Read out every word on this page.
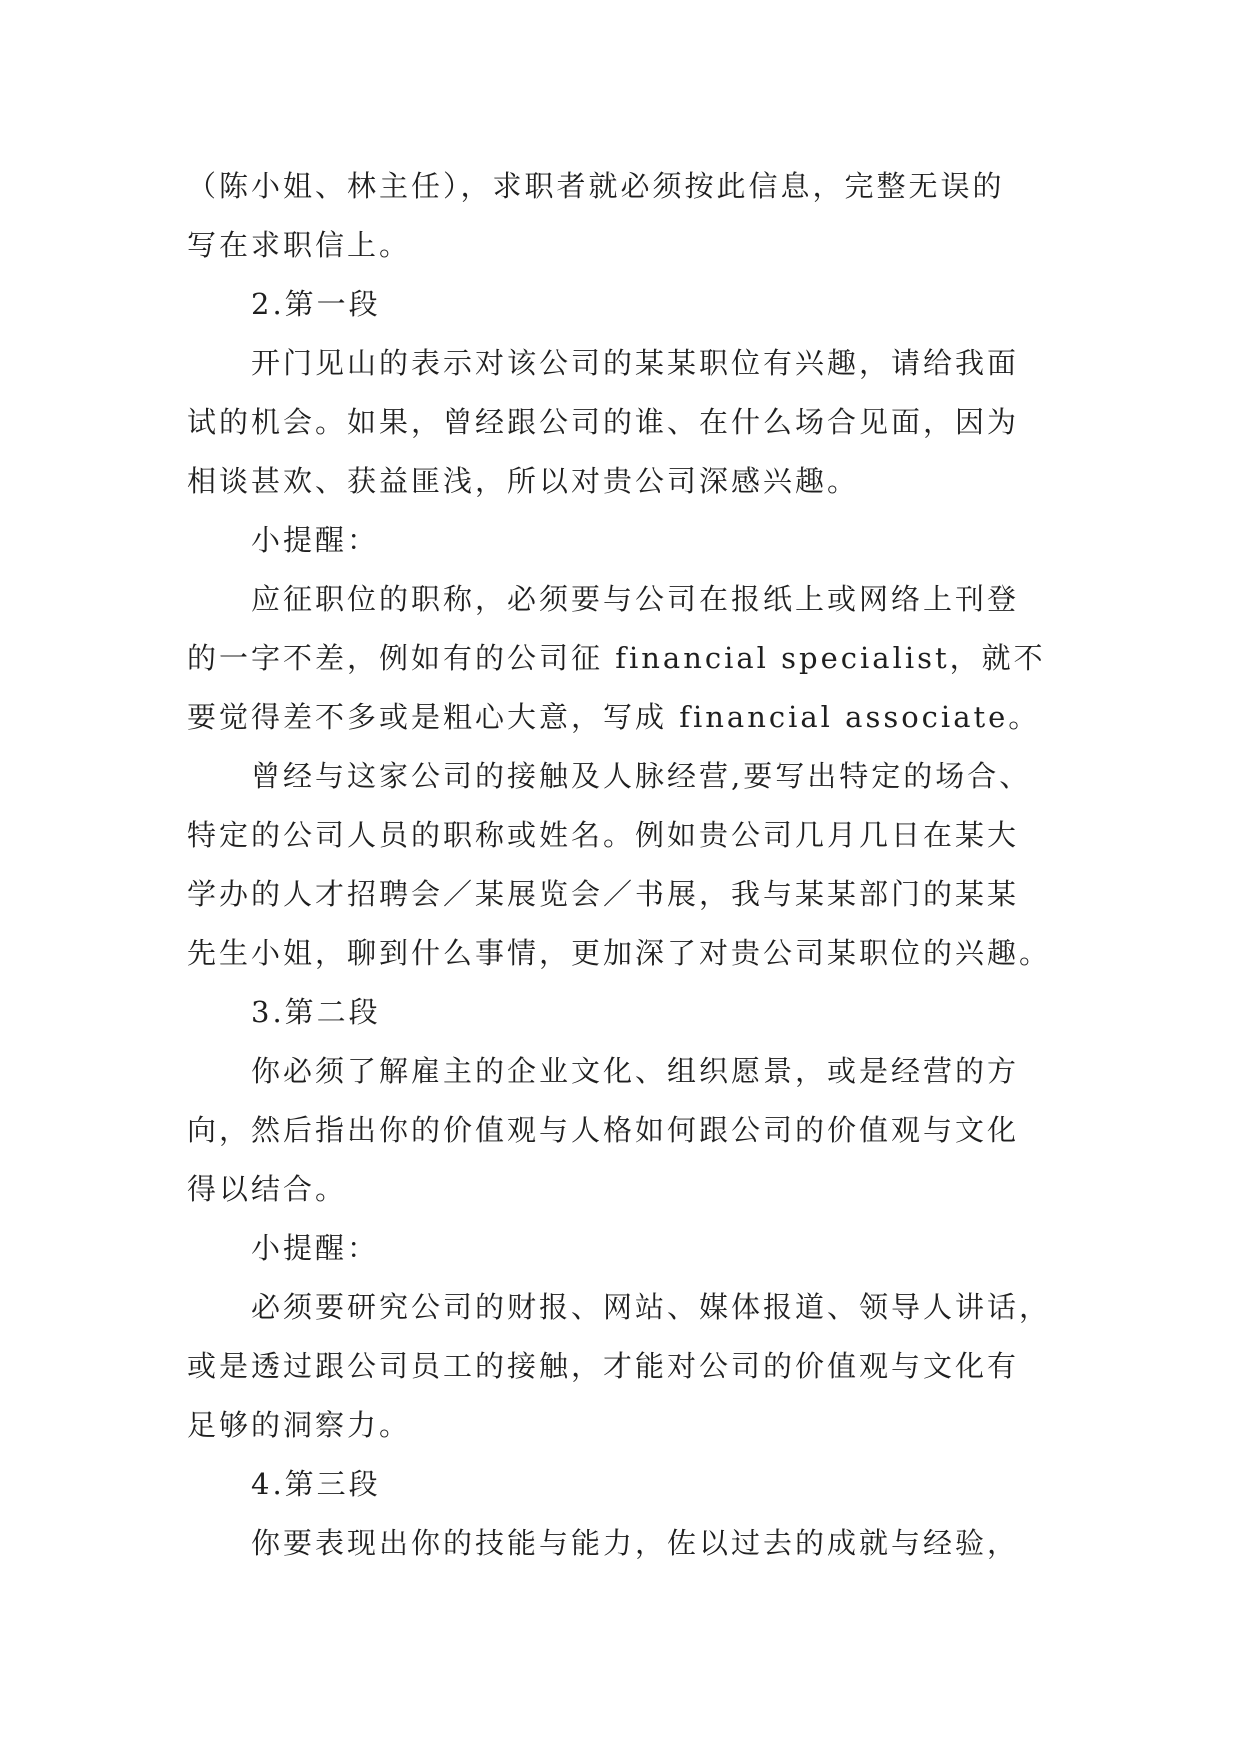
（陈小姐、林主任），求职者就必须按此信息，完整无误的
写在求职信上。
2.第一段
开门见山的表示对该公司的某某职位有兴趣，请给我面
试的机会。如果，曾经跟公司的谁、在什么场合见面，因为
相谈甚欢、获益匪浅，所以对贵公司深感兴趣。
小提醒：
应征职位的职称，必须要与公司在报纸上或网络上刊登
的一字不差，例如有的公司征 financial specialist，就不
要觉得差不多或是粗心大意，写成 financial associate。
曾经与这家公司的接触及人脉经营,要写出特定的场合、
特定的公司人员的职称或姓名。例如贵公司几月几日在某大
学办的人才招聘会／某展览会／书展，我与某某部门的某某
先生小姐，聊到什么事情，更加深了对贵公司某职位的兴趣。
3.第二段
你必须了解雇主的企业文化、组织愿景，或是经营的方
向，然后指出你的价值观与人格如何跟公司的价值观与文化
得以结合。
小提醒：
必须要研究公司的财报、网站、媒体报道、领导人讲话，
或是透过跟公司员工的接触，才能对公司的价值观与文化有
足够的洞察力。
4.第三段
你要表现出你的技能与能力，佐以过去的成就与经验，
